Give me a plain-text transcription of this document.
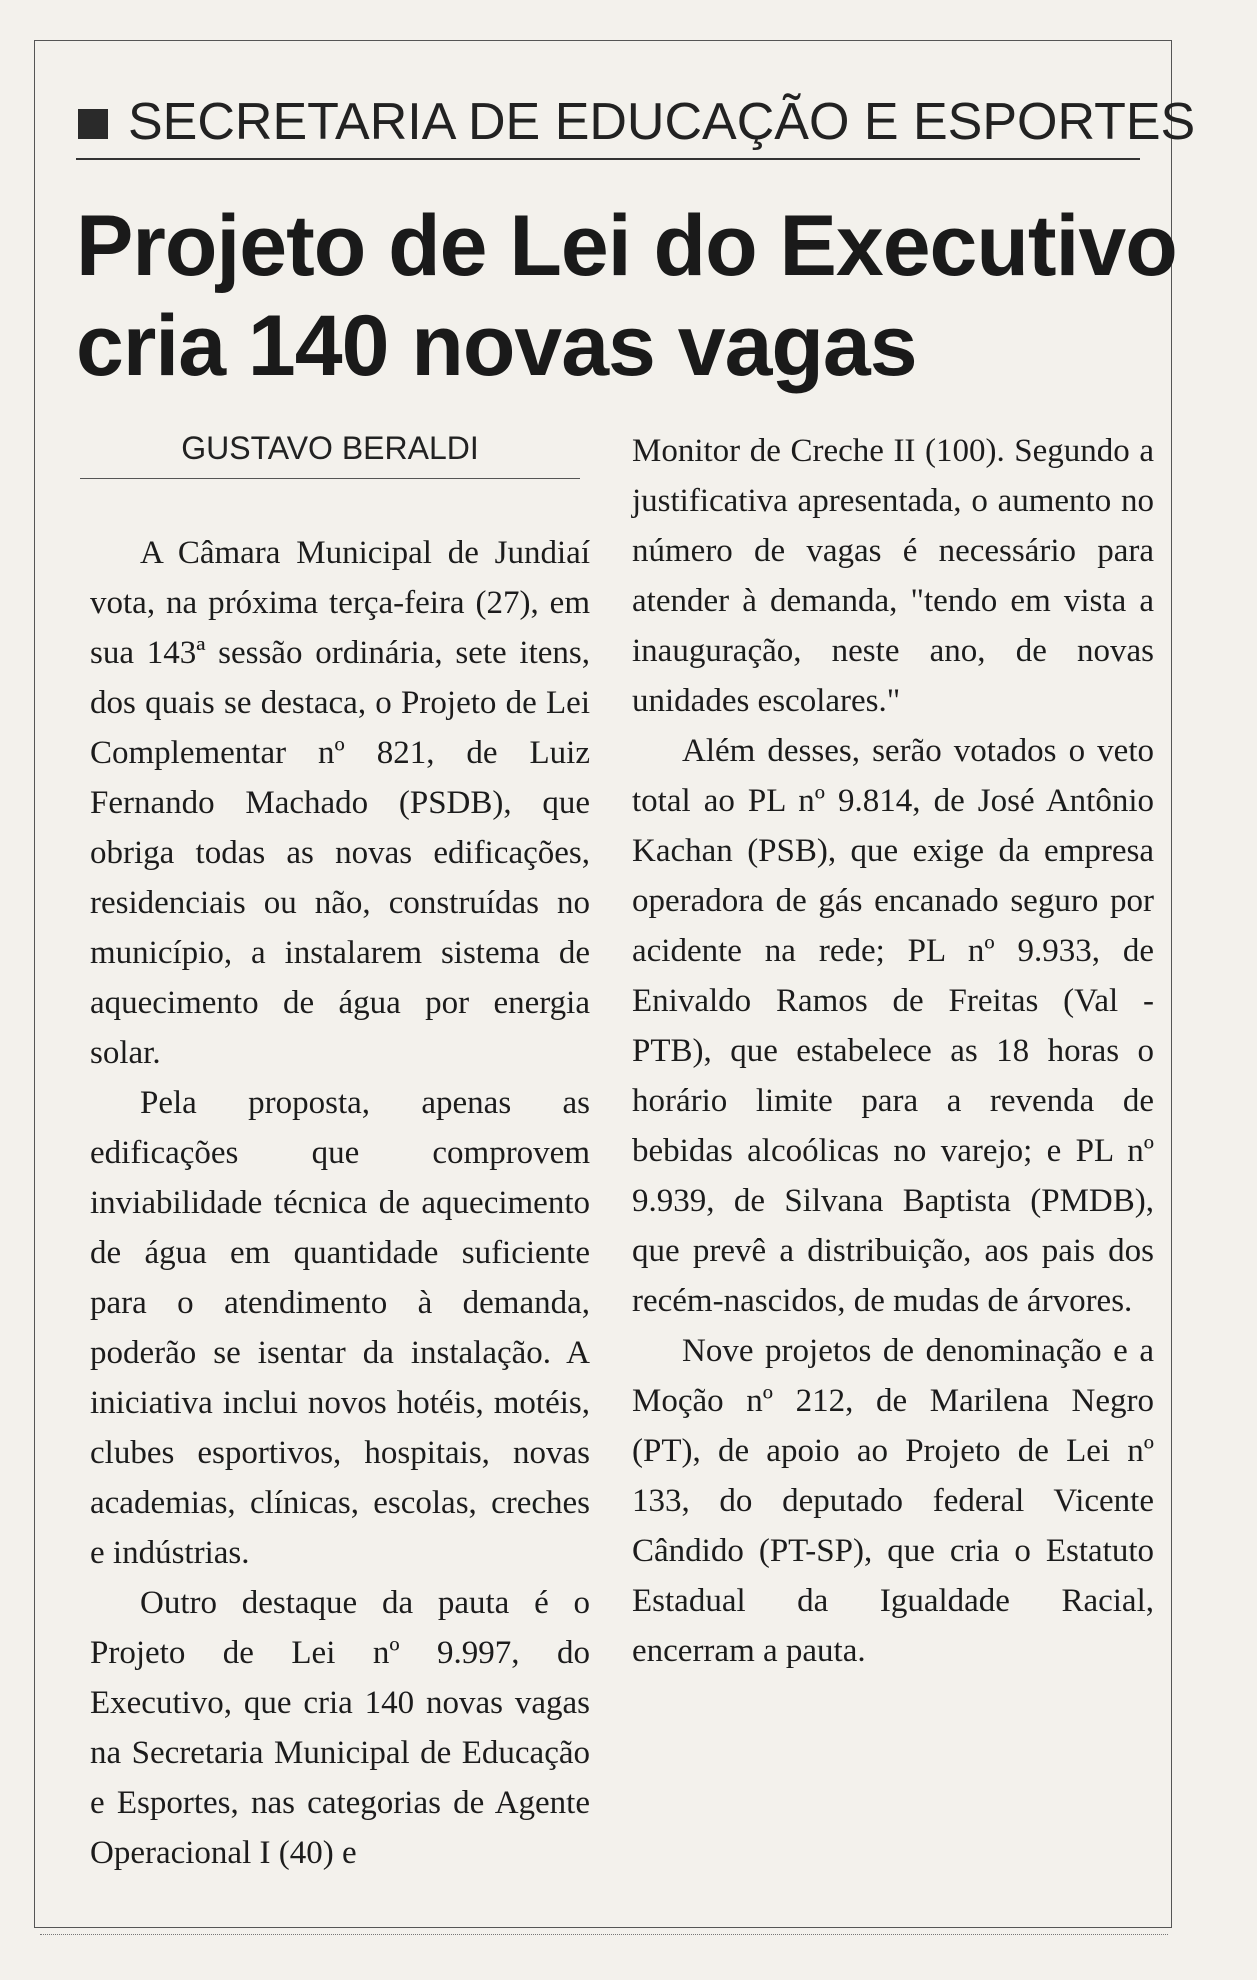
SECRETARIA DE EDUCAÇÃO E ESPORTES
Projeto de Lei do Executivo
cria 140 novas vagas
GUSTAVO BERALDI

A Câmara Municipal de Jundiaí vota, na próxima terça-feira (27), em sua 143ª sessão ordinária, sete itens, dos quais se destaca, o Projeto de Lei Complementar nº 821, de Luiz Fernando Machado (PSDB), que obriga todas as novas edificações, residenciais ou não, construídas no município, a instalarem sistema de aquecimento de água por energia solar.

Pela proposta, apenas as edificações que comprovem inviabilidade técnica de aquecimento de água em quantidade suficiente para o atendimento à demanda, poderão se isentar da instalação. A iniciativa inclui novos hotéis, motéis, clubes esportivos, hospitais, novas academias, clínicas, escolas, creches e indústrias.

Outro destaque da pauta é o Projeto de Lei nº 9.997, do Executivo, que cria 140 novas vagas na Secretaria Municipal de Educação e Esportes, nas categorias de Agente Operacional I (40) e

Monitor de Creche II (100). Segundo a justificativa apresentada, o aumento no número de vagas é necessário para atender à demanda, "tendo em vista a inauguração, neste ano, de novas unidades escolares."

Além desses, serão votados o veto total ao PL nº 9.814, de José Antônio Kachan (PSB), que exige da empresa operadora de gás encanado seguro por acidente na rede; PL nº 9.933, de Enivaldo Ramos de Freitas (Val - PTB), que estabelece as 18 horas o horário limite para a revenda de bebidas alcoólicas no varejo; e PL nº 9.939, de Silvana Baptista (PMDB), que prevê a distribuição, aos pais dos recém-nascidos, de mudas de árvores.

Nove projetos de denominação e a Moção nº 212, de Marilena Negro (PT), de apoio ao Projeto de Lei nº 133, do deputado federal Vicente Cândido (PT-SP), que cria o Estatuto Estadual da Igualdade Racial, encerram a pauta.
